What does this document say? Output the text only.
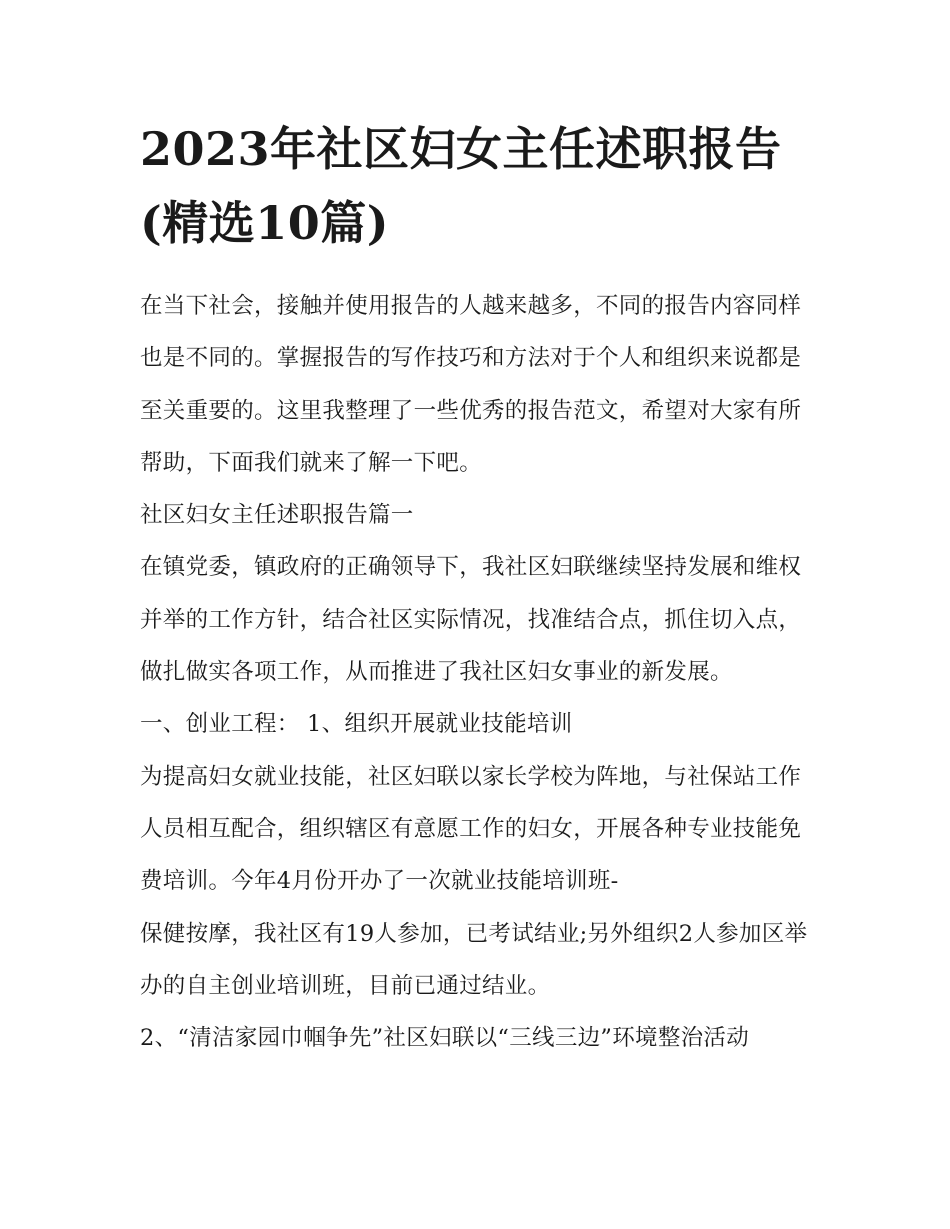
2023年社区妇女主任述职报告(精选10篇)

在当下社会，接触并使用报告的人越来越多，不同的报告内容同样也是不同的。掌握报告的写作技巧和方法对于个人和组织来说都是至关重要的。这里我整理了一些优秀的报告范文，希望对大家有所帮助，下面我们就来了解一下吧。

社区妇女主任述职报告篇一

在镇党委，镇政府的正确领导下，我社区妇联继续坚持发展和维权并举的工作方针，结合社区实际情况，找准结合点，抓住切入点，做扎做实各项工作，从而推进了我社区妇女事业的新发展。

一、创业工程： 1、组织开展就业技能培训

为提高妇女就业技能，社区妇联以家长学校为阵地，与社保站工作人员相互配合，组织辖区有意愿工作的妇女，开展各种专业技能免费培训。今年4月份开办了一次就业技能培训班-

保健按摩，我社区有19人参加，已考试结业;另外组织2人参加区举办的自主创业培训班，目前已通过结业。

2、“清洁家园巾帼争先”社区妇联以“三线三边”环境整治活动
